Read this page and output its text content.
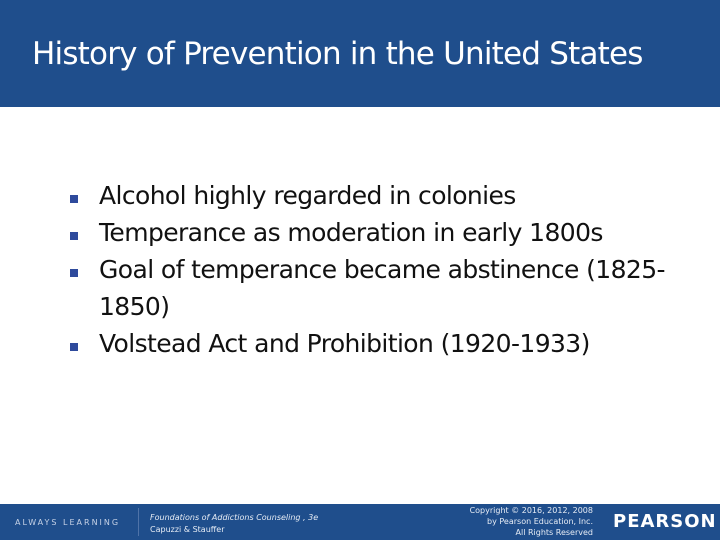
History of Prevention in the United States
Alcohol highly regarded in colonies
Temperance as moderation in early 1800s
Goal of temperance became abstinence (1825-1850)
Volstead Act and Prohibition (1920-1933)
ALWAYS LEARNING
Foundations of Addictions Counseling , 3e
Capuzzi & Stauffer
Copyright © 2016, 2012, 2008
by Pearson Education, Inc.
All Rights Reserved
PEARSON
